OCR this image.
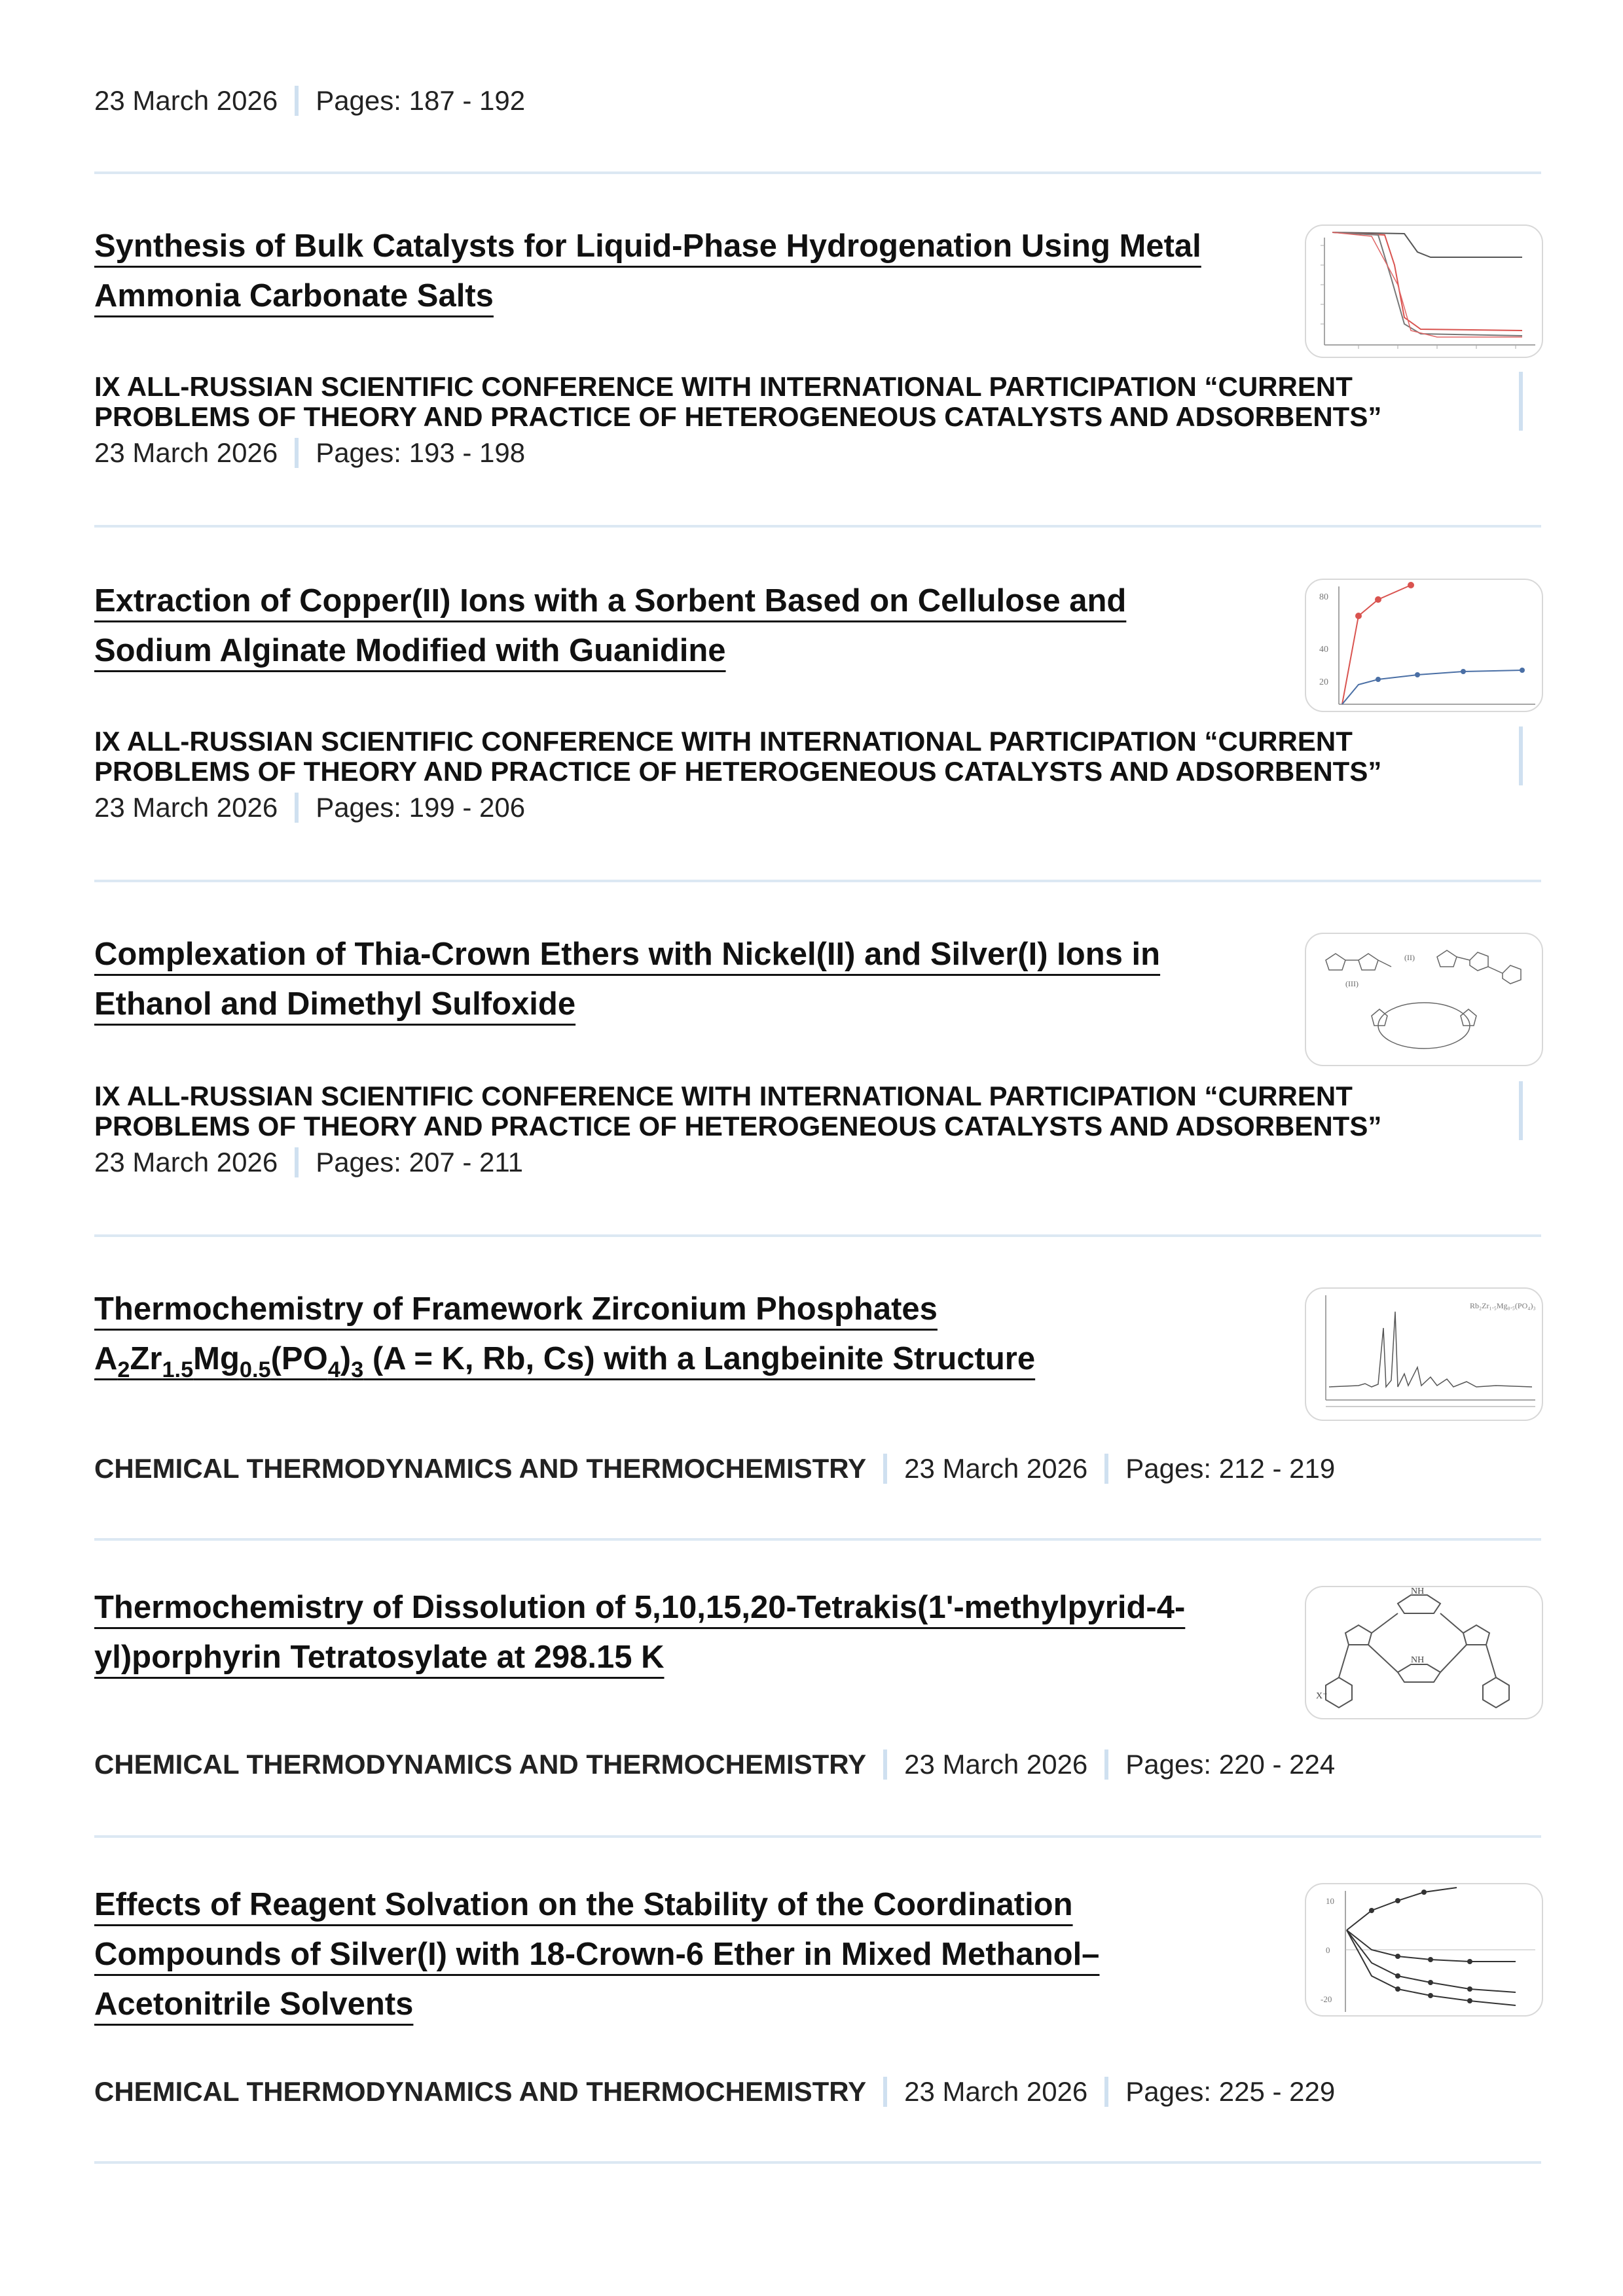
23 March 2026 Pages: 187 - 192
Synthesis of Bulk Catalysts for Liquid-Phase Hydrogenation Using Metal
Ammonia Carbonate Salts
IX ALL-RUSSIAN SCIENTIFIC CONFERENCE WITH INTERNATIONAL PARTICIPATION “CURRENT PROBLEMS OF THEORY AND PRACTICE OF HETEROGENEOUS CATALYSTS AND ADSORBENTS”
23 March 2026 Pages: 193 - 198
Extraction of Copper(II) Ions with a Sorbent Based on Cellulose and
Sodium Alginate Modified with Guanidine
80
40
20
IX ALL-RUSSIAN SCIENTIFIC CONFERENCE WITH INTERNATIONAL PARTICIPATION “CURRENT PROBLEMS OF THEORY AND PRACTICE OF HETEROGENEOUS CATALYSTS AND ADSORBENTS”
23 March 2026 Pages: 199 - 206
Complexation of Thia-Crown Ethers with Nickel(II) and Silver(I) Ions in
Ethanol and Dimethyl Sulfoxide
(II)
(III)
IX ALL-RUSSIAN SCIENTIFIC CONFERENCE WITH INTERNATIONAL PARTICIPATION “CURRENT PROBLEMS OF THEORY AND PRACTICE OF HETEROGENEOUS CATALYSTS AND ADSORBENTS”
23 March 2026 Pages: 207 - 211
Thermochemistry of Framework Zirconium Phosphates
$A_2Zr_{1.5}Mg_{0.5}(PO_4)_3$ (A = K, Rb, Cs) with a Langbeinite Structure
Rb₂Zr₁.₅Mg₀.₅(PO₄)₃
CHEMICAL THERMODYNAMICS AND THERMOCHEMISTRY 23 March 2026 Pages: 212 - 219
Thermochemistry of Dissolution of 5,10,15,20-Tetrakis(1'-methylpyrid-4-
yl)porphyrin Tetratosylate at 298.15 K
NH
NH
X⁻
CHEMICAL THERMODYNAMICS AND THERMOCHEMISTRY 23 March 2026 Pages: 220 - 224
Effects of Reagent Solvation on the Stability of the Coordination
Compounds of Silver(I) with 18-Crown-6 Ether in Mixed Methanol–
Acetonitrile Solvents
10
0
-20
CHEMICAL THERMODYNAMICS AND THERMOCHEMISTRY 23 March 2026 Pages: 225 - 229
